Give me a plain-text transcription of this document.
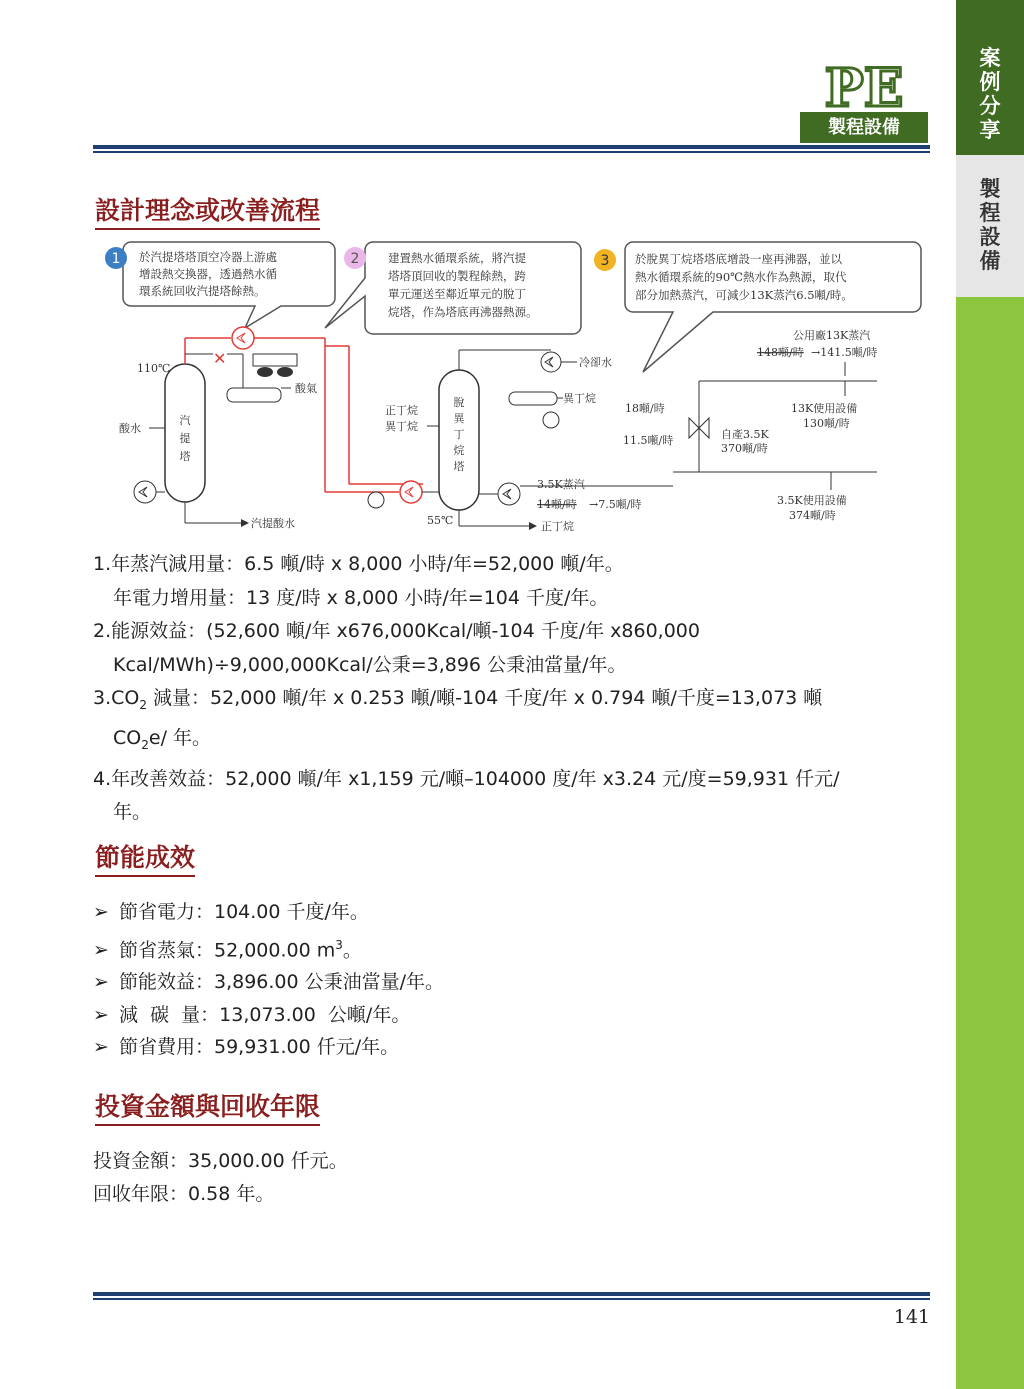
案例分享
製程設備
PE
製程設備
設計理念或改善流程
1 於汽提塔塔頂空冷器上游處
增設熱交換器，透過熱水循
環系統回收汽提塔餘熱。
2 建置熱水循環系統，將汽提
塔塔頂回收的製程餘熱，跨
單元運送至鄰近單元的脫丁
烷塔，作為塔底再沸器熱源。
3 於脫異丁烷塔塔底增設一座再沸器，並以
熱水循環系統的90℃熱水作為熱源，取代
部分加熱蒸汽，可減少13K蒸汽6.5噸/時。
汽
提
塔
110℃
酸水
汽提酸水
✕
酸氣
脫
異
丁
烷
塔
正丁烷
異丁烷
冷卻水
異丁烷
55℃
3.5K蒸汽
14噸/時 →7.5噸/時
正丁烷
公用廠13K蒸汽
148噸/時 →141.5噸/時
13K使用設備
130噸/時
18噸/時
11.5噸/時	自產3.5K
370噸/時
3.5K使用設備
374噸/時
1.年蒸汽減用量：6.5 噸/時 x 8,000 小時/年=52,000 噸/年。
年電力增用量：13 度/時 x 8,000 小時/年=104 千度/年。
2.能源效益：(52,600 噸/年 x676,000Kcal/噸-104 千度/年 x860,000
Kcal/MWh)÷9,000,000Kcal/公秉=3,896 公秉油當量/年。
$3.CO_2$ 減量：52,000 噸/年 x 0.253 噸/噸-104 千度/年 x 0.794 噸/千度=13,073 噸
$CO_2e/$ 年。
4.年改善效益：52,000 噸/年 x1,159 元/噸–104000 度/年 x3.24 元/度=59,931 仟元/
年。
節能成效
➢ 節省電力：104.00 千度/年。
➢ 節省蒸氣：52,000.00 $m^3$。
➢ 節能效益：3,896.00 公秉油當量/年。
➢ 減  碳  量：13,073.00  公噸/年。
➢ 節省費用：59,931.00 仟元/年。
投資金額與回收年限
投資金額：35,000.00 仟元。
回收年限：0.58 年。
141
